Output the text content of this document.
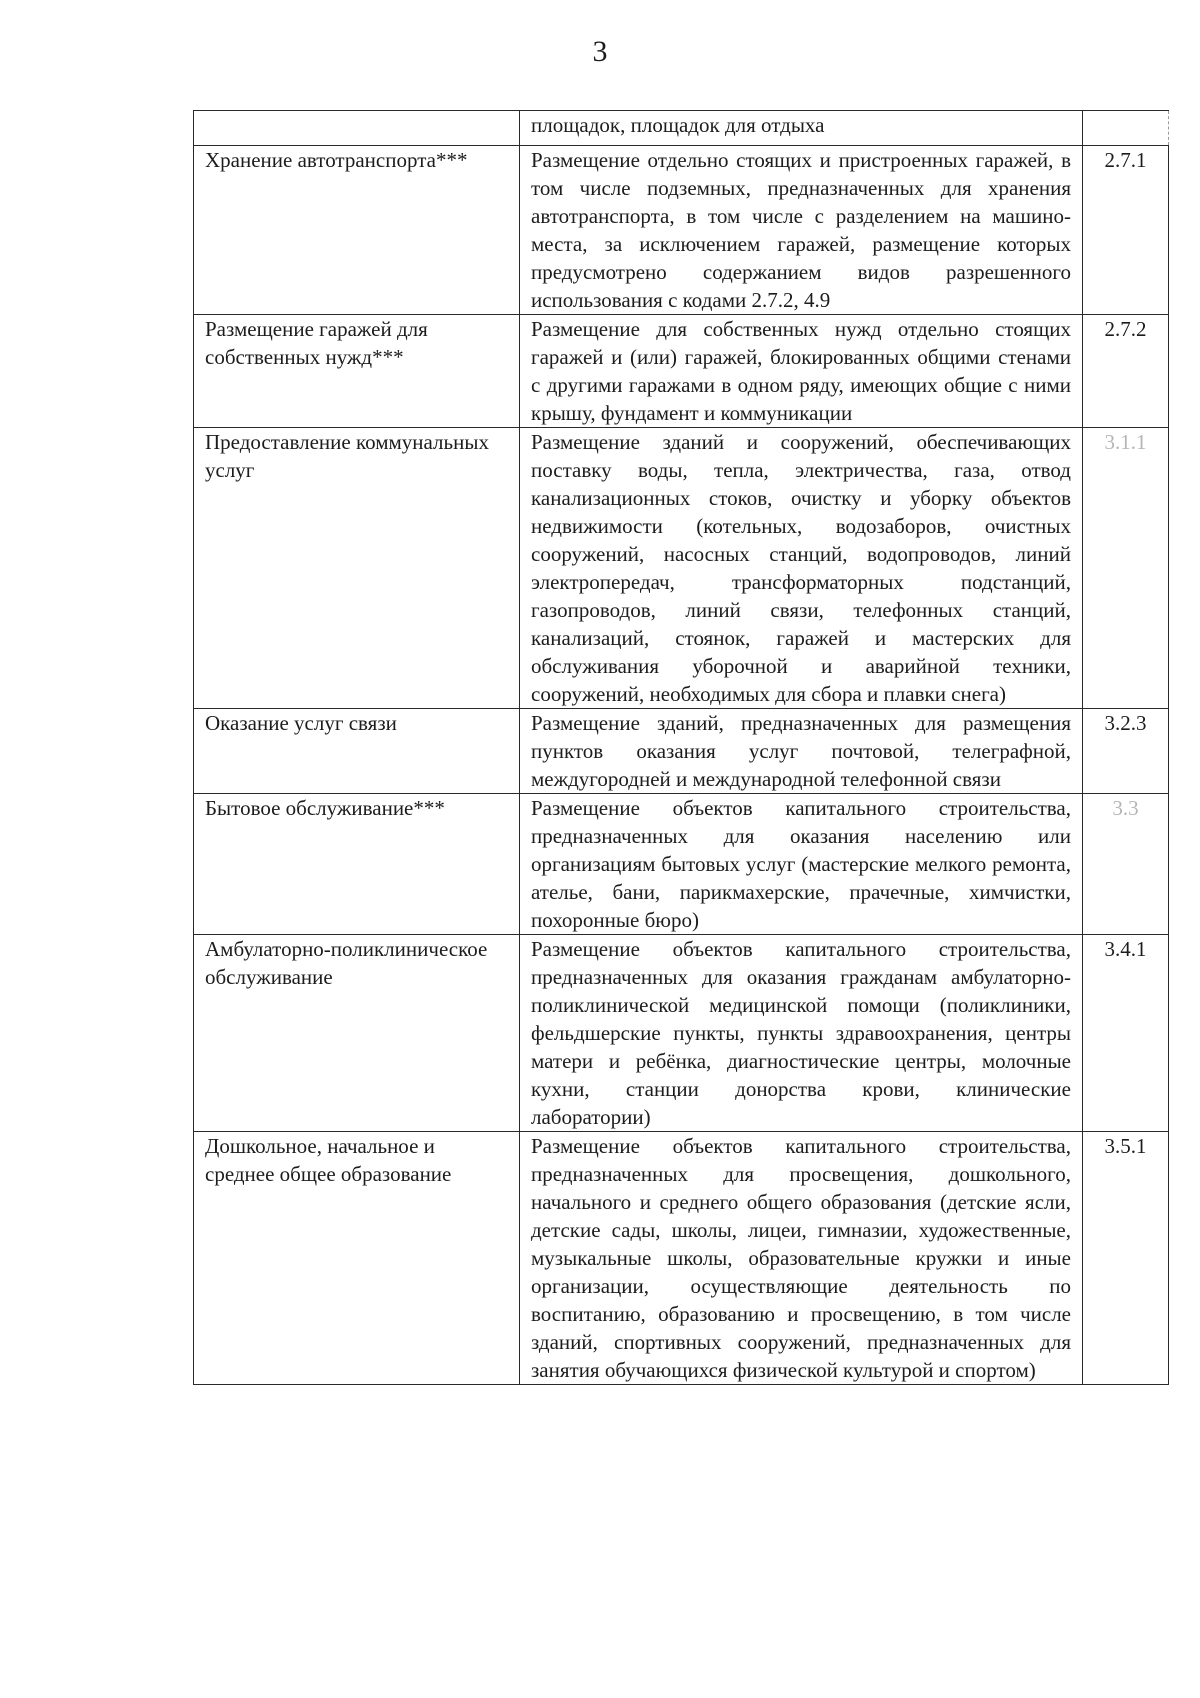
3
	площадок, площадок для отдыха	
Хранение автотранспорта***	Размещение отдельно стоящих и пристроенных гаражей, в том числе подземных, предназначенных для хранения автотранспорта, в том числе с разделением на машино-места, за исключением гаражей, размещение которых предусмотрено содержанием видов разрешенного использования с кодами 2.7.2, 4.9	2.7.1
Размещение гаражей для собственных нужд***	Размещение для собственных нужд отдельно стоящих гаражей и (или) гаражей, блокированных общими стенами с другими гаражами в одном ряду, имеющих общие с ними крышу, фундамент и коммуникации	2.7.2
Предоставление коммунальных услуг	Размещение зданий и сооружений, обеспечивающих поставку воды, тепла, электричества, газа, отвод канализационных стоков, очистку и уборку объектов недвижимости (котельных, водозаборов, очистных сооружений, насосных станций, водопроводов, линий электропередач, трансформаторных подстанций, газопроводов, линий связи, телефонных станций, канализаций, стоянок, гаражей и мастерских для обслуживания уборочной и аварийной техники, сооружений, необходимых для сбора и плавки снега)	3.1.1
Оказание услуг связи	Размещение зданий, предназначенных для размещения пунктов оказания услуг почтовой, телеграфной, междугородней и международной телефонной связи	3.2.3
Бытовое обслуживание***	Размещение объектов капитального строительства, предназначенных для оказания населению или организациям бытовых услуг (мастерские мелкого ремонта, ателье, бани, парикмахерские, прачечные, химчистки, похоронные бюро)	3.3
Амбулаторно-поликлиническое обслуживание	Размещение объектов капитального строительства, предназначенных для оказания гражданам амбулаторно-поликлинической медицинской помощи (поликлиники, фельдшерские пункты, пункты здравоохранения, центры матери и ребёнка, диагностические центры, молочные кухни, станции донорства крови, клинические лаборатории)	3.4.1
Дошкольное, начальное и среднее общее образование	Размещение объектов капитального строительства, предназначенных для просвещения, дошкольного, начального и среднего общего образования (детские ясли, детские сады, школы, лицеи, гимназии, художественные, музыкальные школы, образовательные кружки и иные организации, осуществляющие деятельность по воспитанию, образованию и просвещению, в том числе зданий, спортивных сооружений, предназначенных для занятия обучающихся физической культурой и спортом)	3.5.1
